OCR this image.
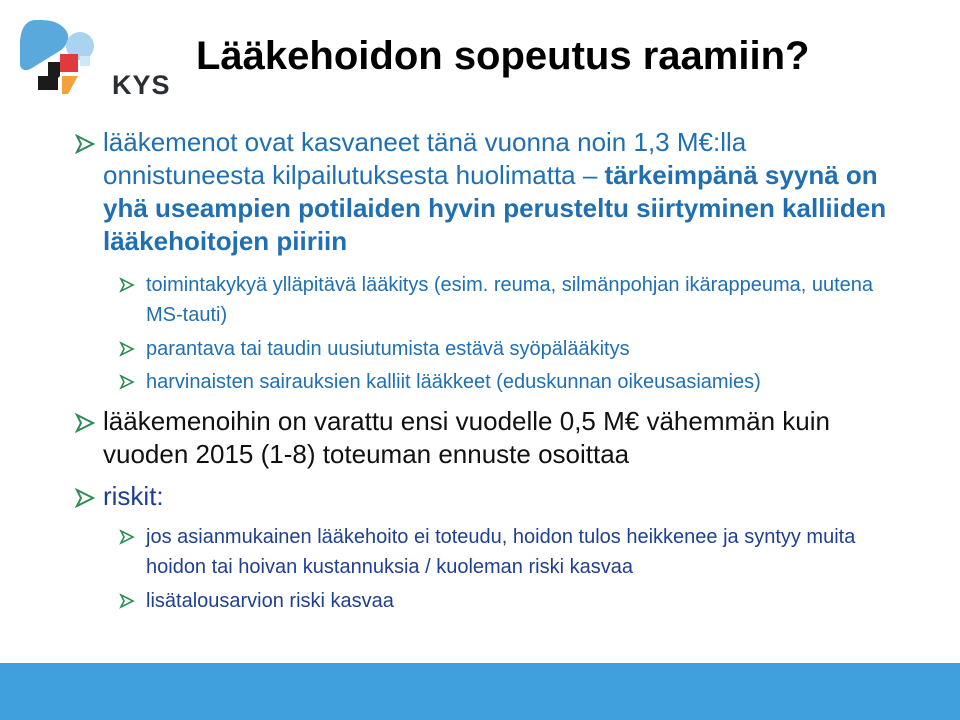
KYS
Lääkehoidon sopeutus raamiin?
lääkemenot ovat kasvaneet tänä vuonna noin 1,3 M€:lla onnistuneesta kilpailutuksesta huolimatta – tärkeimpänä syynä on yhä useampien potilaiden hyvin perusteltu siirtyminen kalliiden lääkehoitojen piiriin
toimintakykyä ylläpitävä lääkitys (esim. reuma, silmänpohjan ikärappeuma, uutena MS-tauti)
parantava tai taudin uusiutumista estävä syöpälääkitys
harvinaisten sairauksien kalliit lääkkeet (eduskunnan oikeusasiamies)
lääkemenoihin on varattu ensi vuodelle 0,5 M€ vähemmän kuin vuoden 2015 (1-8) toteuman ennuste osoittaa
riskit:
jos asianmukainen lääkehoito ei toteudu, hoidon tulos heikkenee ja syntyy muita hoidon tai hoivan kustannuksia / kuoleman riski kasvaa
lisätalousarvion riski kasvaa
